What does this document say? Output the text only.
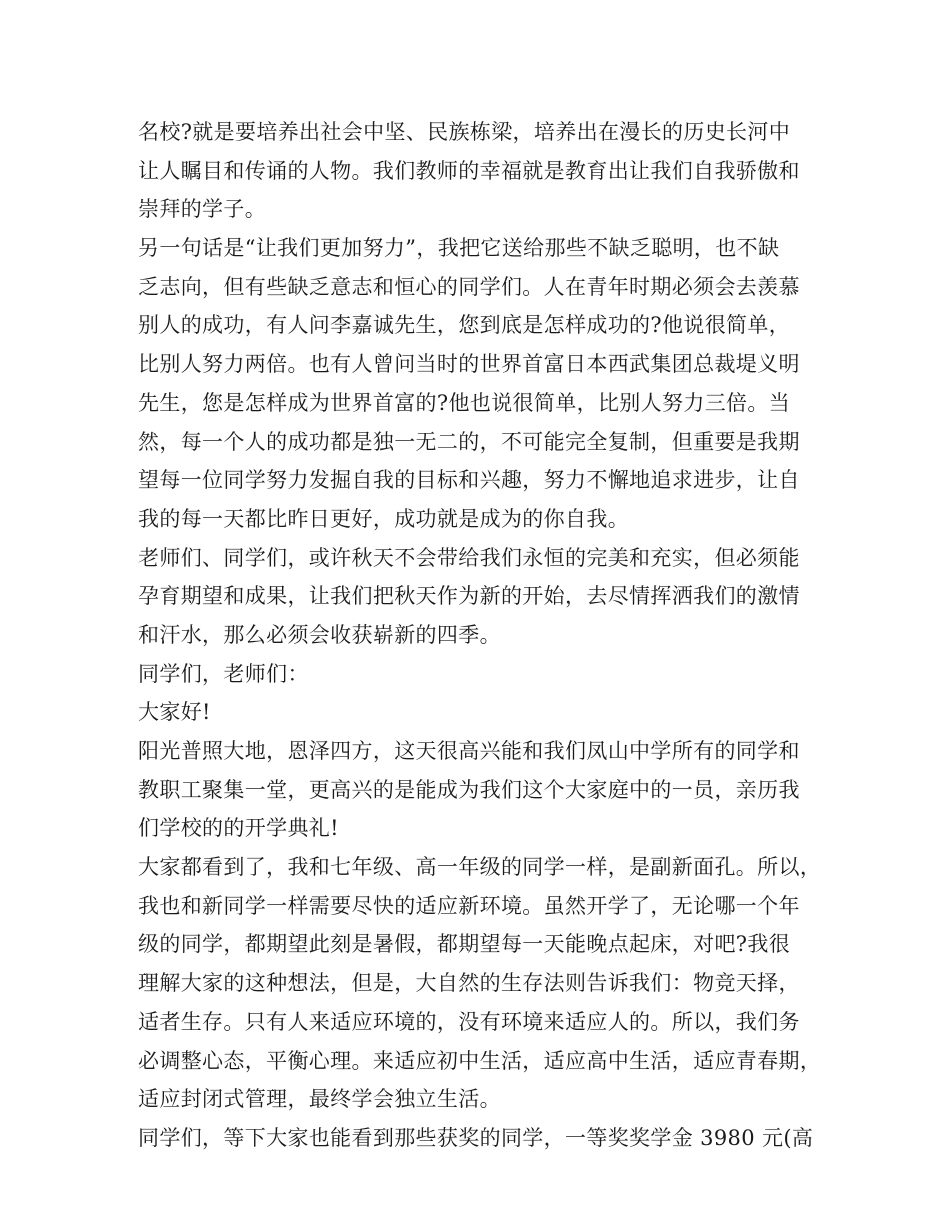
名校?就是要培养出社会中坚、民族栋梁，培养出在漫长的历史长河中
让人瞩目和传诵的人物。我们教师的幸福就是教育出让我们自我骄傲和
崇拜的学子。
另一句话是“让我们更加努力”，我把它送给那些不缺乏聪明，也不缺
乏志向，但有些缺乏意志和恒心的同学们。人在青年时期必须会去羡慕
别人的成功，有人问李嘉诚先生，您到底是怎样成功的?他说很简单，
比别人努力两倍。也有人曾问当时的世界首富日本西武集团总裁堤义明
先生，您是怎样成为世界首富的?他也说很简单，比别人努力三倍。当
然，每一个人的成功都是独一无二的，不可能完全复制，但重要是我期
望每一位同学努力发掘自我的目标和兴趣，努力不懈地追求进步，让自
我的每一天都比昨日更好，成功就是成为的你自我。
老师们、同学们，或许秋天不会带给我们永恒的完美和充实，但必须能
孕育期望和成果，让我们把秋天作为新的开始，去尽情挥洒我们的激情
和汗水，那么必须会收获崭新的四季。
同学们，老师们：
大家好!
阳光普照大地，恩泽四方，这天很高兴能和我们凤山中学所有的同学和
教职工聚集一堂，更高兴的是能成为我们这个大家庭中的一员，亲历我
们学校的的开学典礼!
大家都看到了，我和七年级、高一年级的同学一样，是副新面孔。所以，
我也和新同学一样需要尽快的适应新环境。虽然开学了，无论哪一个年
级的同学，都期望此刻是暑假，都期望每一天能晚点起床，对吧?我很
理解大家的这种想法，但是，大自然的生存法则告诉我们：物竞天择，
适者生存。只有人来适应环境的，没有环境来适应人的。所以，我们务
必调整心态，平衡心理。来适应初中生活，适应高中生活，适应青春期，
适应封闭式管理，最终学会独立生活。
同学们，等下大家也能看到那些获奖的同学，一等奖奖学金 3980 元(高
